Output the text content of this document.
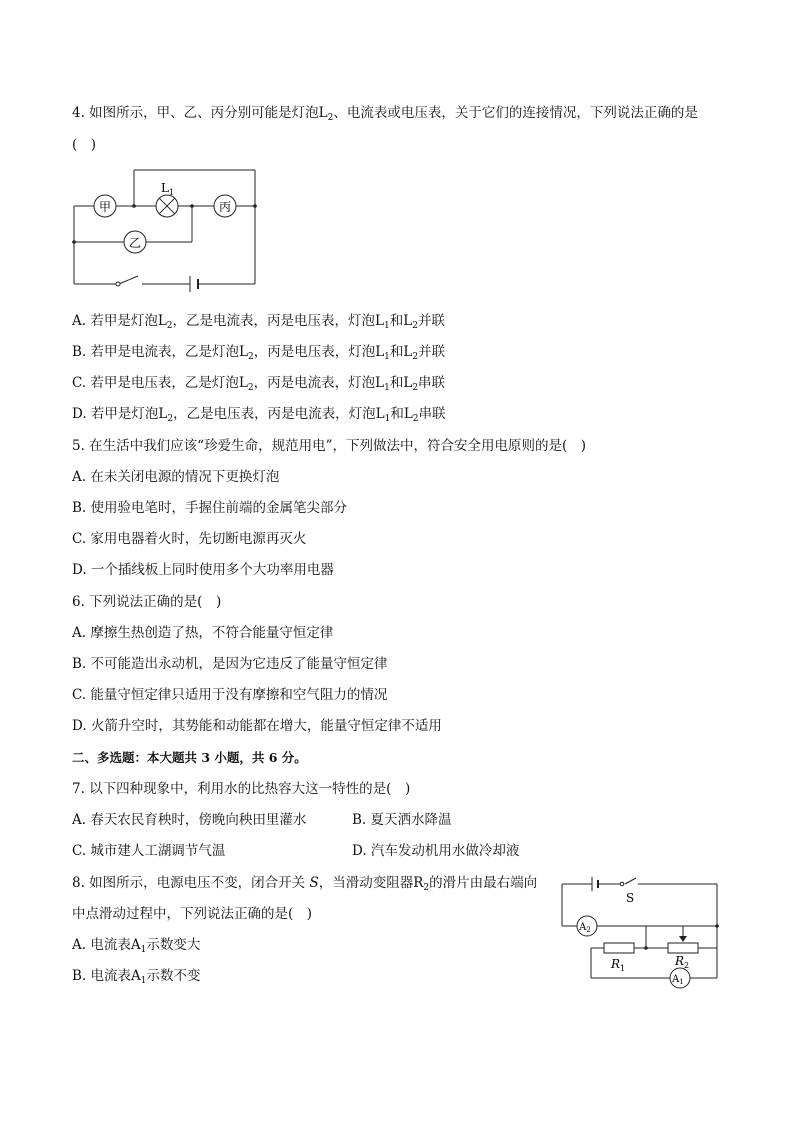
4. 如图所示，甲、乙、丙分别可能是灯泡$L_2$、电流表或电压表，关于它们的连接情况，下列说法正确的是
(　)
甲
$L_1$
丙
乙
A. 若甲是灯泡$L_2$，乙是电流表，丙是电压表，灯泡$L_1$和$L_2$并联
B. 若甲是电流表，乙是灯泡$L_2$，丙是电压表，灯泡$L_1$和$L_2$并联
C. 若甲是电压表，乙是灯泡$L_2$，丙是电流表，灯泡$L_1$和$L_2$串联
D. 若甲是灯泡$L_2$，乙是电压表，丙是电流表，灯泡$L_1$和$L_2$串联
5. 在生活中我们应该“珍爱生命，规范用电”，下列做法中，符合安全用电原则的是(　)
A. 在未关闭电源的情况下更换灯泡
B. 使用验电笔时，手握住前端的金属笔尖部分
C. 家用电器着火时，先切断电源再灭火
D. 一个插线板上同时使用多个大功率用电器
6. 下列说法正确的是(　)
A. 摩擦生热创造了热，不符合能量守恒定律
B. 不可能造出永动机，是因为它违反了能量守恒定律
C. 能量守恒定律只适用于没有摩擦和空气阻力的情况
D. 火箭升空时，其势能和动能都在增大，能量守恒定律不适用
二、多选题：本大题共 3 小题，共 6 分。
7. 以下四种现象中，利用水的比热容大这一特性的是(　)
A. 春天农民育秧时，傍晚向秧田里灌水	B. 夏天洒水降温
C. 城市建人工湖调节气温	D. 汽车发动机用水做冷却液
8. 如图所示，电源电压不变，闭合开关 S，当滑动变阻器$R_2$的滑片由最右端向
中点滑动过程中，下列说法正确的是(　)
A. 电流表$A_1$示数变大
B. 电流表$A_1$示数不变
S
$A_2$
$R_1$
$R_2$
$A_1$
